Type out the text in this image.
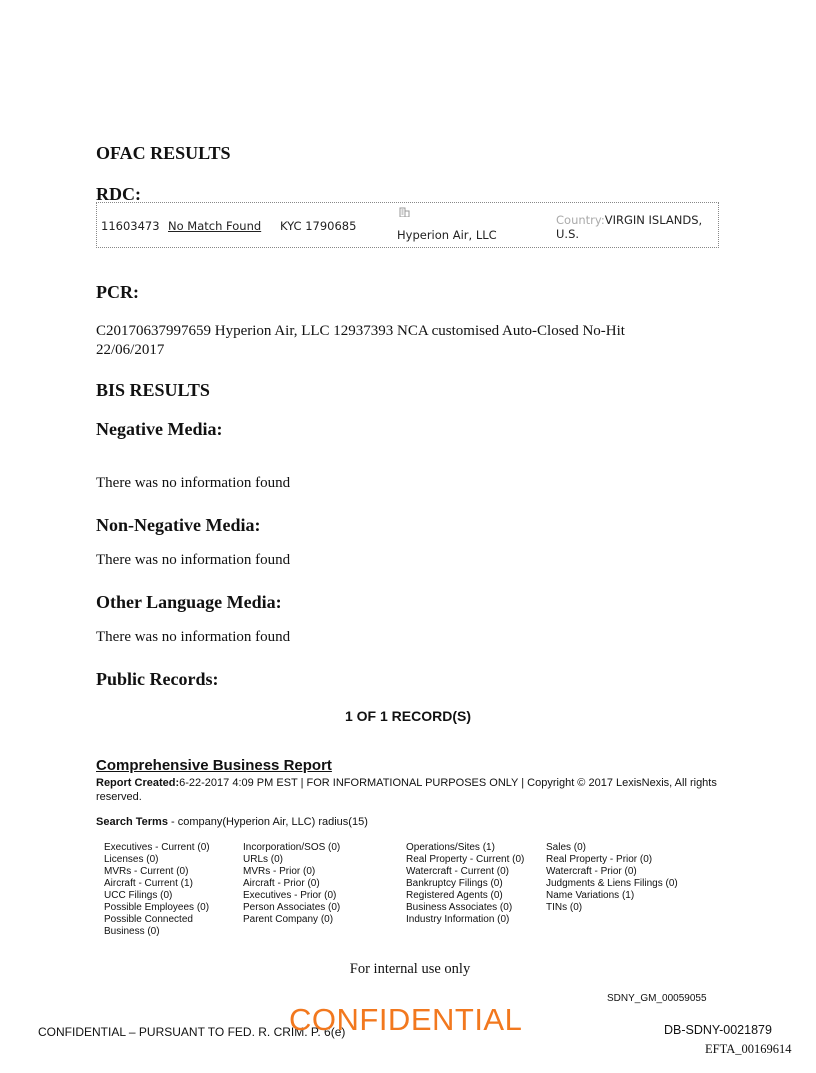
OFAC RESULTS
RDC:
11603473 No Match Found KYC 1790685
Hyperion Air, LLC
Country:VIRGIN ISLANDS, U.S.
PCR:
C20170637997659 Hyperion Air, LLC 12937393 NCA customised Auto-Closed No-Hit 22/06/2017
BIS RESULTS
Negative Media:
There was no information found
Non-Negative Media:
There was no information found
Other Language Media:
There was no information found
Public Records:
1 OF 1 RECORD(S)
Comprehensive Business Report
Report Created:6-22-2017 4:09 PM EST | FOR INFORMATIONAL PURPOSES ONLY | Copyright © 2017 LexisNexis, All rights reserved.
Search Terms - company(Hyperion Air, LLC) radius(15)
Executives - Current (0)
Licenses (0)
MVRs - Current (0)
Aircraft - Current (1)
UCC Filings (0)
Possible Employees (0)
Possible Connected Business (0)
Incorporation/SOS (0)
URLs (0)
MVRs - Prior (0)
Aircraft - Prior (0)
Executives - Prior (0)
Person Associates (0)
Parent Company (0)
Operations/Sites (1)
Real Property - Current (0)
Watercraft - Current (0)
Bankruptcy Filings (0)
Registered Agents (0)
Business Associates (0)
Industry Information (0)
Sales (0)
Real Property - Prior (0)
Watercraft - Prior (0)
Judgments & Liens Filings (0)
Name Variations (1)
TINs (0)
For internal use only
SDNY_GM_00059055
CONFIDENTIAL – PURSUANT TO FED. R. CRIM. P. 6(e)
CONFIDENTIAL	DB-SDNY-0021879
EFTA_00169614
